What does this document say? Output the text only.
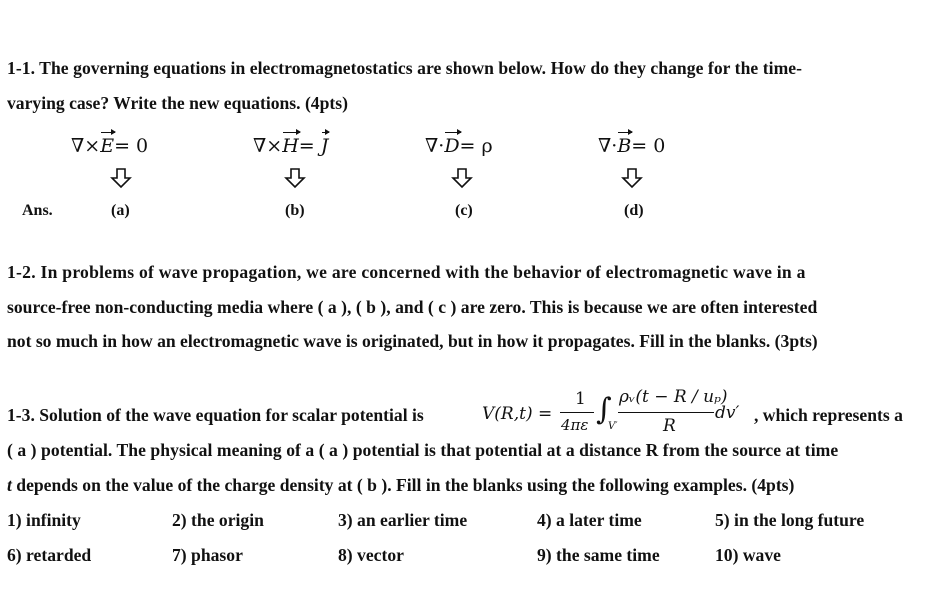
1-1. The governing equations in electromagnetostatics are shown below. How do they change for the time-
varying case? Write the new equations. (4pts)
∇×E= 0	∇×H= J	∇·D= ρ	∇·B= 0
Ans.	(a)	(b)	(c)	(d)
1-2. In problems of wave propagation, we are concerned with the behavior of electromagnetic wave in a
source-free non-conducting media where ( a ), ( b ), and ( c ) are zero. This is because we are often interested
not so much in how an electromagnetic wave is originated, but in how it propagates. Fill in the blanks. (3pts)
1-3. Solution of the wave equation for scalar potential is	V(R,t) =
1
4πε ∫
V′
ρᵥ(t − R / uₚ)
R
dv′ , which represents a
( a ) potential. The physical meaning of a ( a ) potential is that potential at a distance R from the source at time
t depends on the value of the charge density at ( b ). Fill in the blanks using the following examples. (4pts)
1) infinity	2) the origin	3) an earlier time	4) a later time	5) in the long future
6) retarded	7) phasor	8) vector	9) the same time	10) wave
